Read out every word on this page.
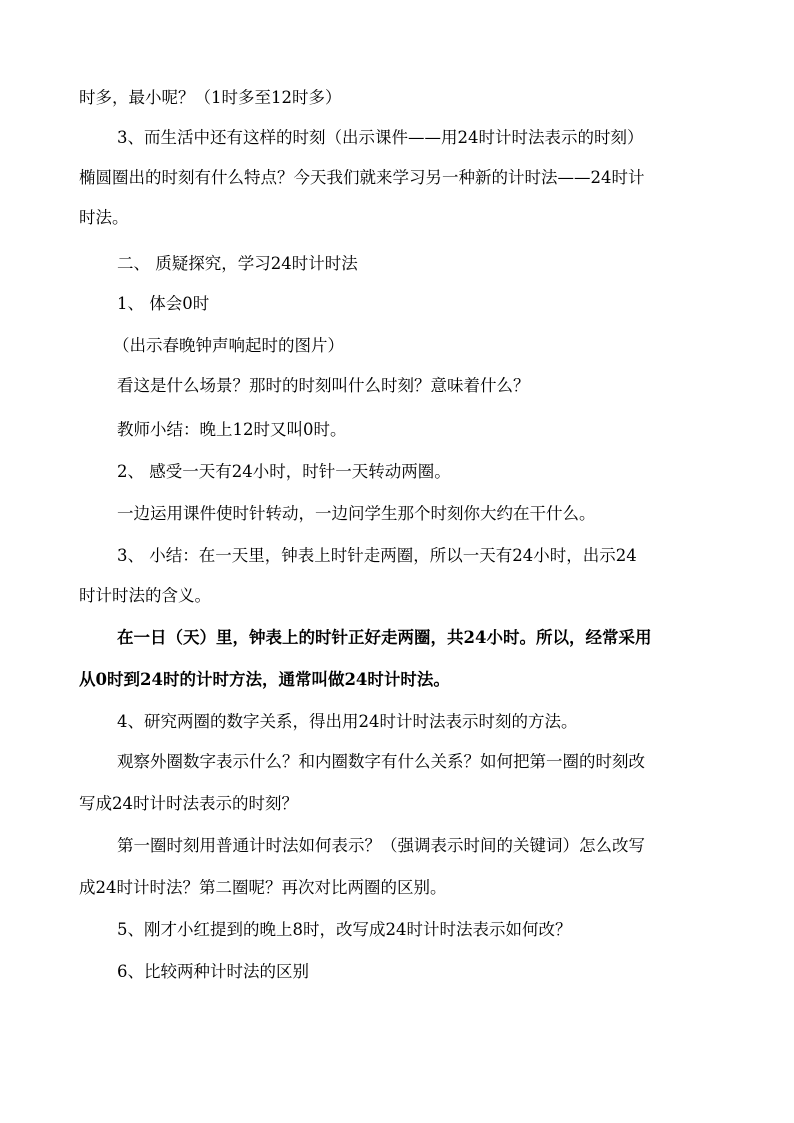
时多，最小呢？（1时多至12时多）
3、而生活中还有这样的时刻（出示课件——用24时计时法表示的时刻）
椭圆圈出的时刻有什么特点？今天我们就来学习另一种新的计时法——24时计
时法。
二、 质疑探究，学习24时计时法
1、 体会0时
（出示春晚钟声响起时的图片）
看这是什么场景？那时的时刻叫什么时刻？意味着什么？
教师小结：晚上12时又叫0时。
2、 感受一天有24小时，时针一天转动两圈。
一边运用课件使时针转动，一边问学生那个时刻你大约在干什么。
3、 小结：在一天里，钟表上时针走两圈，所以一天有24小时，出示24
时计时法的含义。
在一日（天）里，钟表上的时针正好走两圈，共24小时。所以，经常采用
从0时到24时的计时方法，通常叫做24时计时法。
4、研究两圈的数字关系，得出用24时计时法表示时刻的方法。
观察外圈数字表示什么？和内圈数字有什么关系？如何把第一圈的时刻改
写成24时计时法表示的时刻？
第一圈时刻用普通计时法如何表示？（强调表示时间的关键词）怎么改写
成24时计时法？第二圈呢？再次对比两圈的区别。
5、刚才小红提到的晚上8时，改写成24时计时法表示如何改？
6、比较两种计时法的区别
